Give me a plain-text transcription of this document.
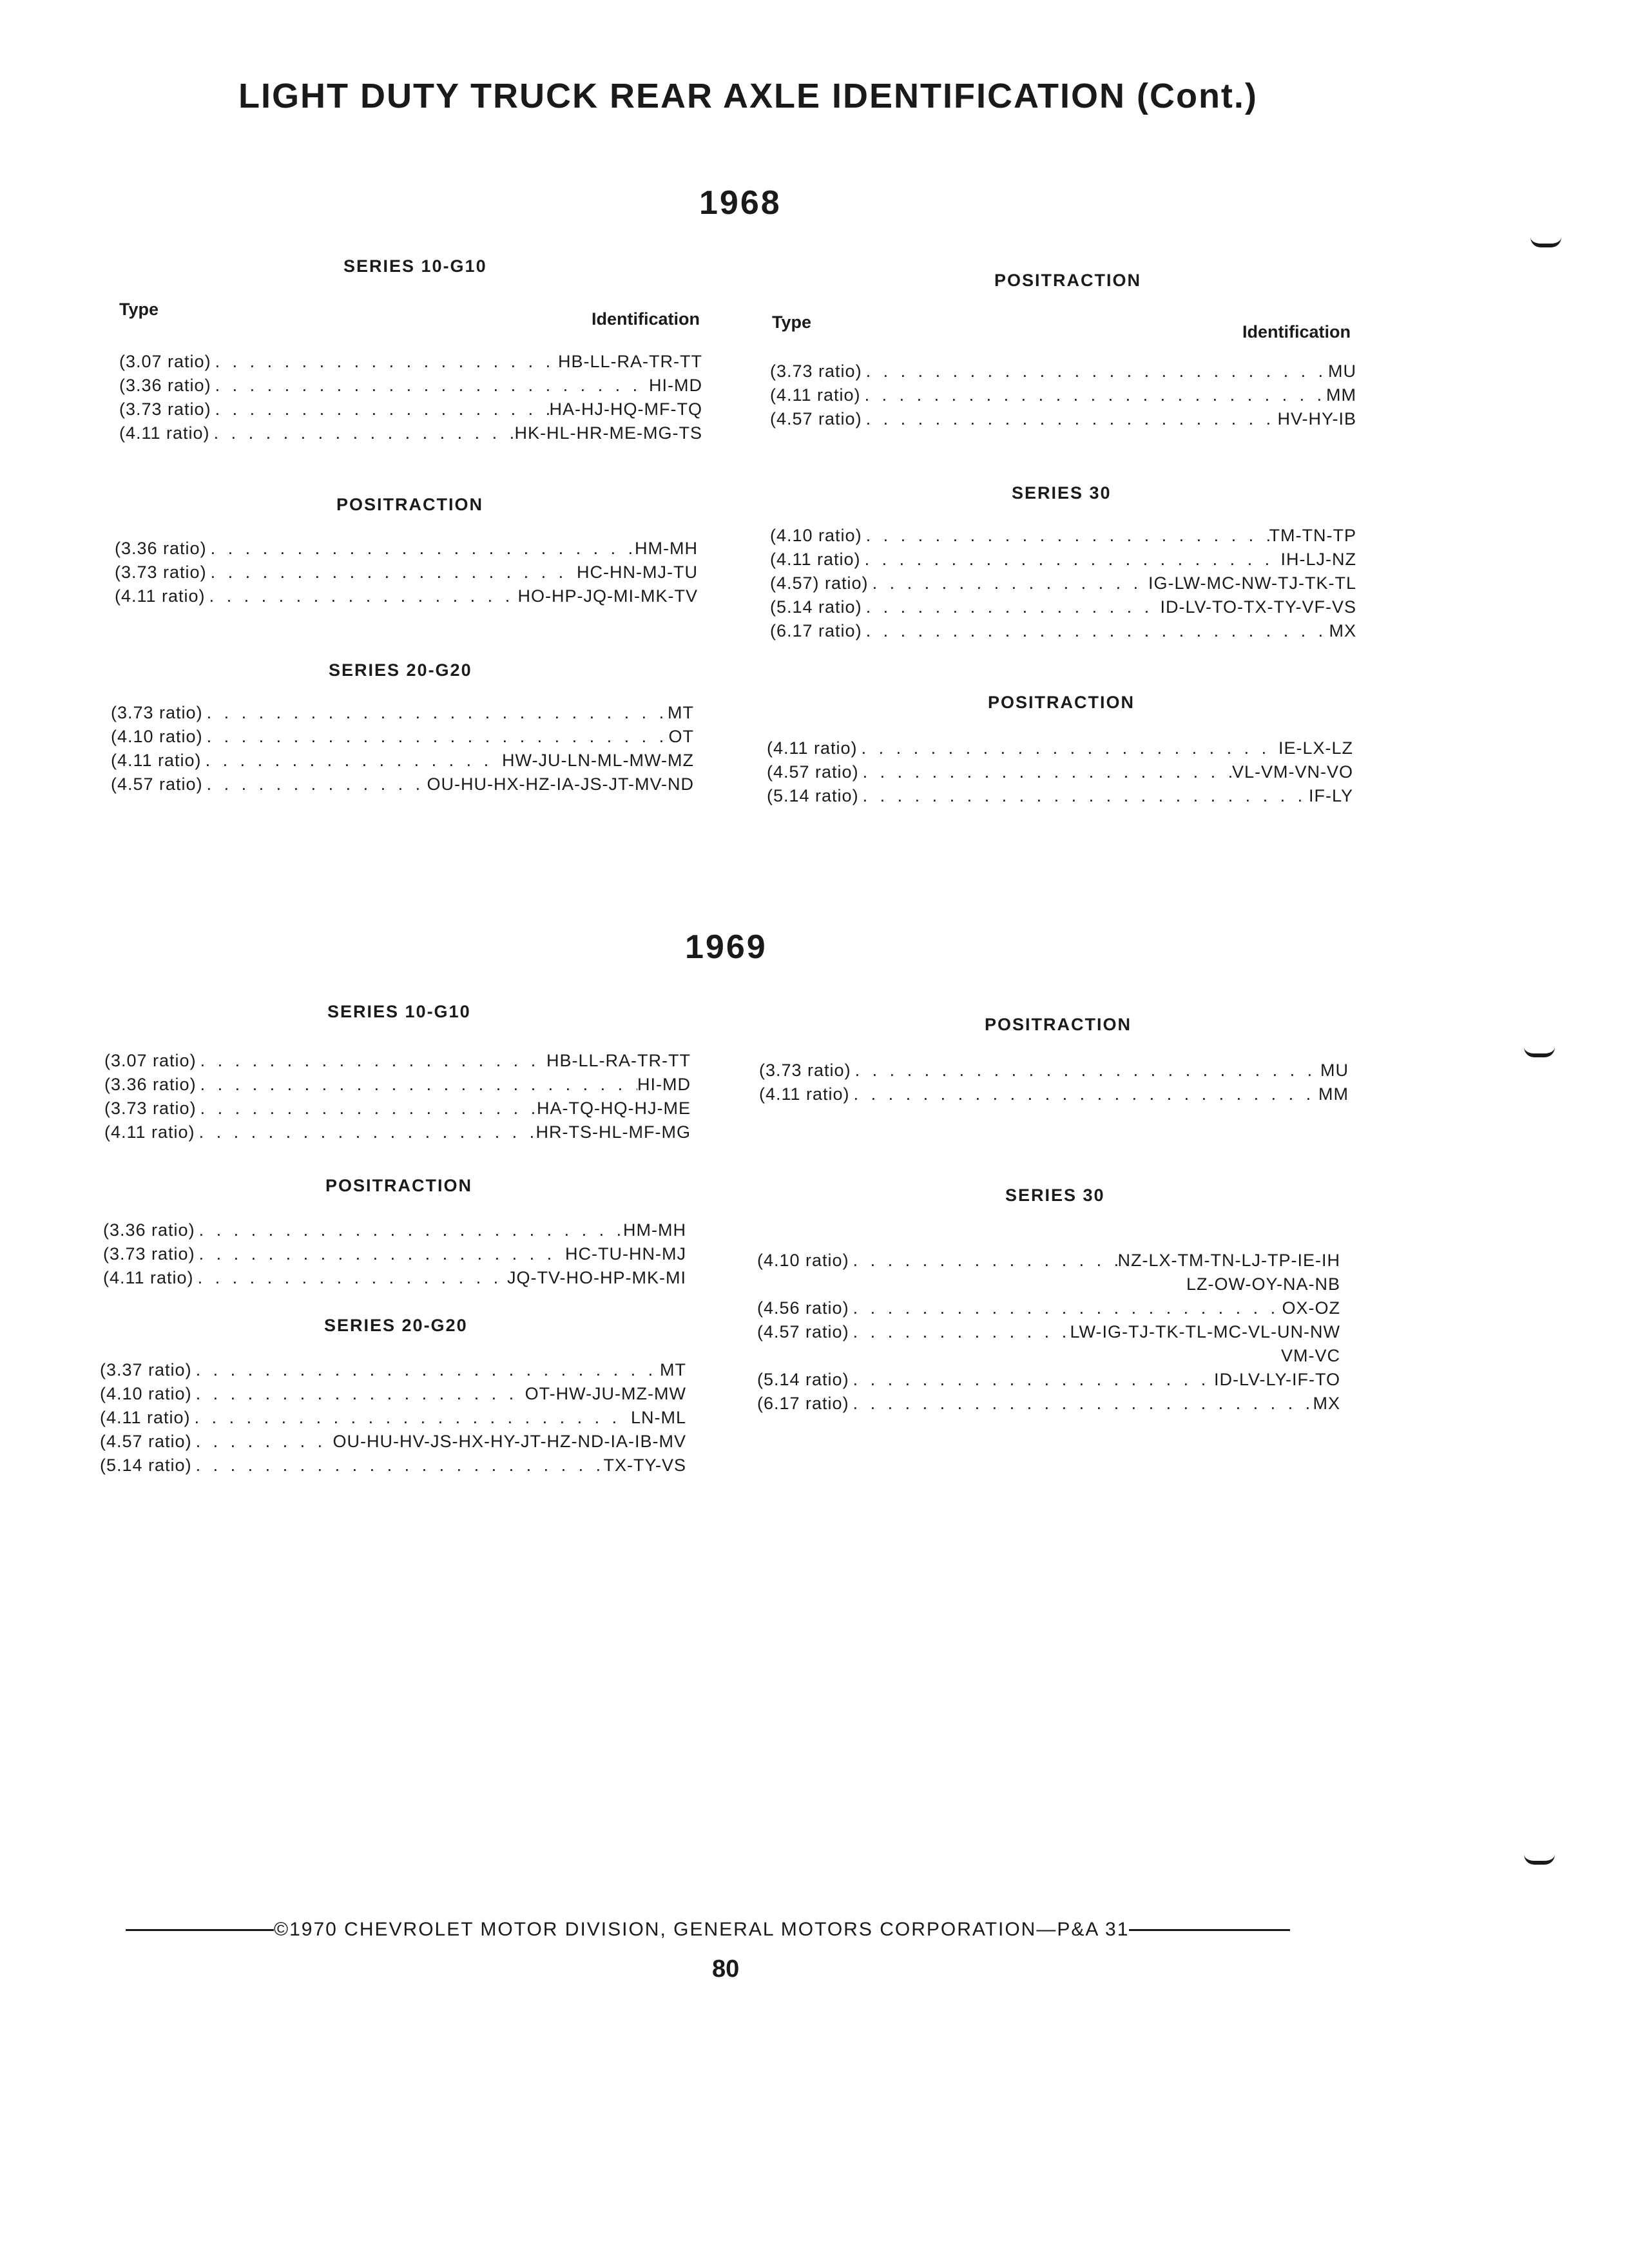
LIGHT DUTY TRUCK REAR AXLE IDENTIFICATION (Cont.)
1968
SERIES 10-G10
Type	Identification
(3.07 ratio) . . .	HB-LL-RA-TR-TT
(3.36 ratio) . . .	HI-MD
(3.73 ratio) . . .	HA-HJ-HQ-MF-TQ
(4.11 ratio) . . .	HK-HL-HR-ME-MG-TS
POSITRACTION
(3.36 ratio) . . .	HM-MH
(3.73 ratio) . . .	HC-HN-MJ-TU
(4.11 ratio) . . .	HO-HP-JQ-MI-MK-TV
SERIES 20-G20
(3.73 ratio) . . .	MT
(4.10 ratio) . . .	OT
(4.11 ratio) . . .	HW-JU-LN-ML-MW-MZ
(4.57 ratio) . . .	OU-HU-HX-HZ-IA-JS-JT-MV-ND
POSITRACTION
Type	Identification
(3.73 ratio) . . .	MU
(4.11 ratio) . . .	MM
(4.57 ratio) . . .	HV-HY-IB
SERIES 30
(4.10 ratio) . . .	TM-TN-TP
(4.11 ratio) . . .	IH-LJ-NZ
(4.57) ratio) . . .	IG-LW-MC-NW-TJ-TK-TL
(5.14 ratio) . . .	ID-LV-TO-TX-TY-VF-VS
(6.17 ratio) . . .	MX
POSITRACTION
(4.11 ratio) . . .	IE-LX-LZ
(4.57 ratio) . . .	VL-VM-VN-VO
(5.14 ratio) . . .	IF-LY
1969
SERIES 10-G10
(3.07 ratio) . . .	HB-LL-RA-TR-TT
(3.36 ratio) . . .	HI-MD
(3.73 ratio) . . .	HA-TQ-HQ-HJ-ME
(4.11 ratio) . . .	HR-TS-HL-MF-MG
POSITRACTION
(3.36 ratio) . . .	HM-MH
(3.73 ratio) . . .	HC-TU-HN-MJ
(4.11 ratio) . . .	JQ-TV-HO-HP-MK-MI
SERIES 20-G20
(3.37 ratio) . . .	MT
(4.10 ratio) . . .	OT-HW-JU-MZ-MW
(4.11 ratio) . . .	LN-ML
(4.57 ratio) . . .	OU-HU-HV-JS-HX-HY-JT-HZ-ND-IA-IB-MV
(5.14 ratio) . . .	TX-TY-VS
POSITRACTION
(3.73 ratio) . . .	MU
(4.11 ratio) . . .	MM
SERIES 30
(4.10 ratio) . . .	NZ-LX-TM-TN-LJ-TP-IE-IH
LZ-OW-OY-NA-NB
(4.56 ratio) . . .	OX-OZ
(4.57 ratio) . . .	LW-IG-TJ-TK-TL-MC-VL-UN-NW
VM-VC
(5.14 ratio) . . .	ID-LV-LY-IF-TO
(6.17 ratio) . . .	MX
©1970 CHEVROLET MOTOR DIVISION, GENERAL MOTORS CORPORATION—P&A 31
80
